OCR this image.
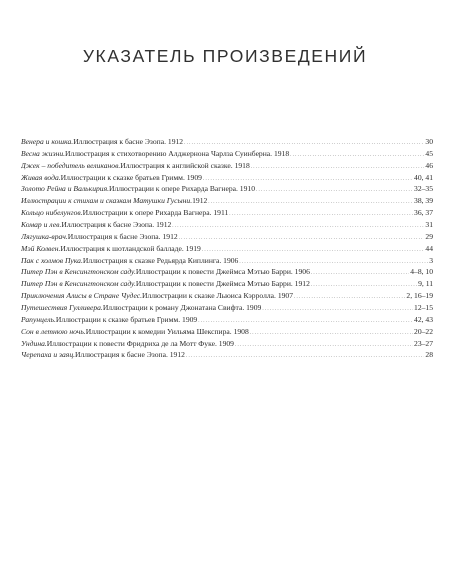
УКАЗАТЕЛЬ ПРОИЗВЕДЕНИЙ
Венера и кошка. Иллюстрация к басне Эзопа. 1912 . . .	30
Весна жизни. Иллюстрация к стихотворению Алджернона Чарлза Суинберна. 1918 . . .	45
Джек – победитель великанов. Иллюстрация к английской сказке. 1918 . . .	46
Живая вода. Иллюстрации к сказке братьев Гримм. 1909 . . .	40, 41
Золото Рейна и Валькирия. Иллюстрации к опере Рихарда Вагнера. 1910 . . .	32–35
Иллюстрации к стихам и сказкам Матушки Гусыни. 1912 . . .	38, 39
Кольцо нибелунгов. Иллюстрации к опере Рихарда Вагнера. 1911 . . .	36, 37
Комар и лев. Иллюстрация к басне Эзопа. 1912 . . .	31
Лягушка-врач. Иллюстрация к басне Эзопа. 1912 . . .	29
Мэй Колвен. Иллюстрация к шотландской балладе. 1919 . . .	44
Пак с холмов Пука. Иллюстрация к сказке Редьярда Киплинга. 1906 . . .	3
Питер Пэн в Кенсингтонском саду. Иллюстрации к повести Джеймса Мэтью Барри. 1906 . . .	4–8, 10
Питер Пэн в Кенсингтонском саду. Иллюстрации к повести Джеймса Мэтью Барри. 1912 . . .	9, 11
Приключения Алисы в Стране Чудес. Иллюстрации к сказке Льюиса Кэрролла. 1907 . . .	2, 16–19
Путешествия Гулливера. Иллюстрации к роману Джонатана Свифта. 1909 . . .	12–15
Рапунцель. Иллюстрации к сказке братьев Гримм. 1909 . . .	42, 43
Сон в летнюю ночь. Иллюстрации к комедии Уильяма Шекспира. 1908 . . .	20–22
Ундина. Иллюстрации к повести Фридриха де ла Мотт Фуке. 1909 . . .	23–27
Черепаха и заяц. Иллюстрация к басне Эзопа. 1912 . . .	28
